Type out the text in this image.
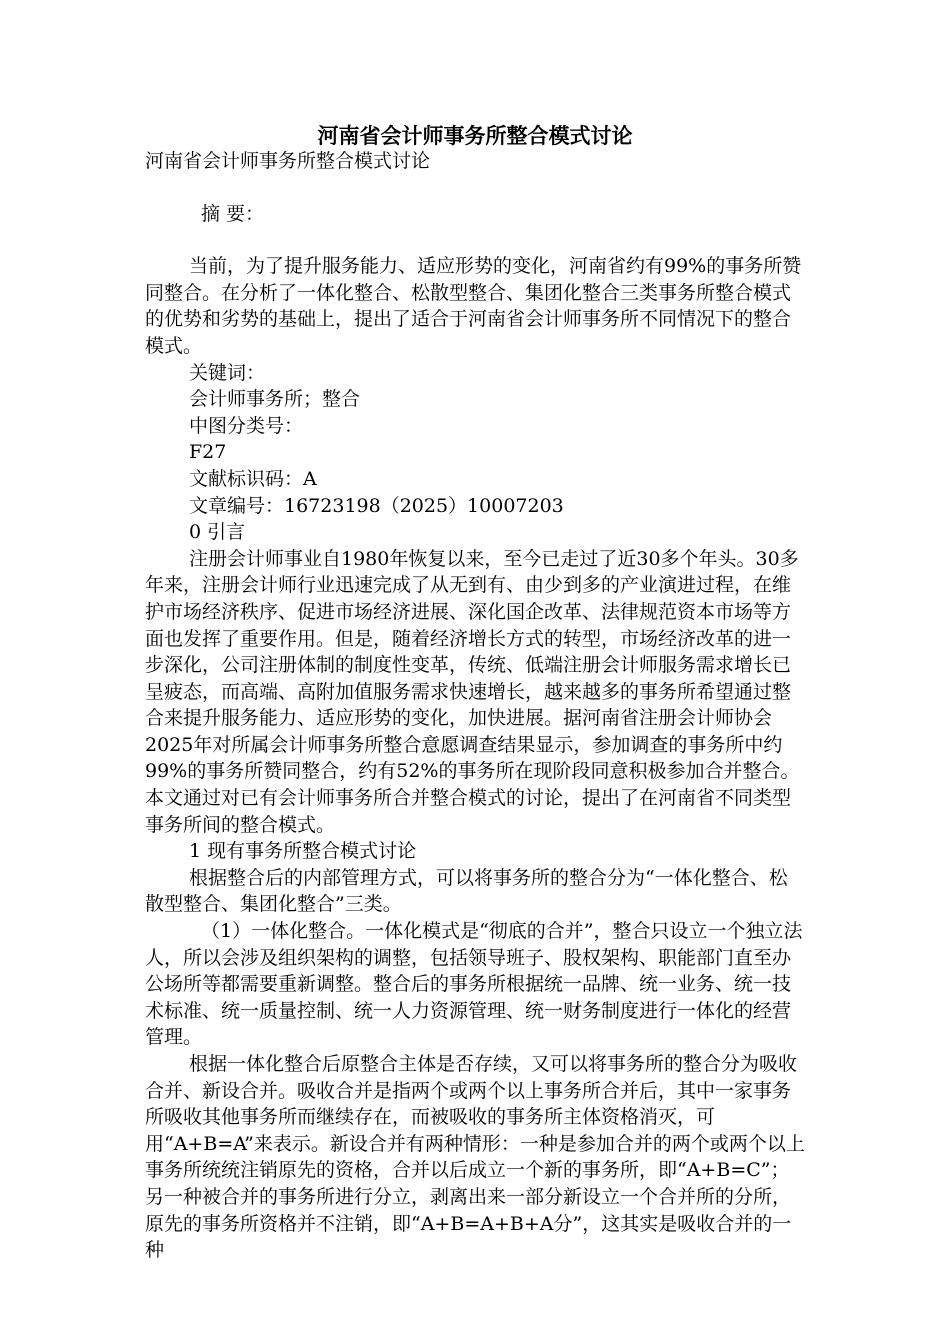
河南省会计师事务所整合模式讨论

河南省会计师事务所整合模式讨论

摘 要：

当前，为了提升服务能力、适应形势的变化，河南省约有99%的事务所赞同整合。在分析了一体化整合、松散型整合、集团化整合三类事务所整合模式的优势和劣势的基础上，提出了适合于河南省会计师事务所不同情况下的整合模式。

关键词：

会计师事务所；整合

中图分类号：

F27

文献标识码：A

文章编号：16723198（2025）10007203

0 引言

注册会计师事业自1980年恢复以来，至今已走过了近30多个年头。30多年来，注册会计师行业迅速完成了从无到有、由少到多的产业演进过程，在维护市场经济秩序、促进市场经济进展、深化国企改革、法律规范资本市场等方面也发挥了重要作用。但是，随着经济增长方式的转型，市场经济改革的进一步深化，公司注册体制的制度性变革，传统、低端注册会计师服务需求增长已呈疲态，而高端、高附加值服务需求快速增长，越来越多的事务所希望通过整合来提升服务能力、适应形势的变化，加快进展。据河南省注册会计师协会2025年对所属会计师事务所整合意愿调查结果显示，参加调查的事务所中约99%的事务所赞同整合，约有52%的事务所在现阶段同意积极参加合并整合。本文通过对已有会计师事务所合并整合模式的讨论，提出了在河南省不同类型事务所间的整合模式。

1 现有事务所整合模式讨论

根据整合后的内部管理方式，可以将事务所的整合分为“一体化整合、松散型整合、集团化整合”三类。

（1）一体化整合。一体化模式是“彻底的合并”，整合只设立一个独立法人，所以会涉及组织架构的调整，包括领导班子、股权架构、职能部门直至办公场所等都需要重新调整。整合后的事务所根据统一品牌、统一业务、统一技术标准、统一质量控制、统一人力资源管理、统一财务制度进行一体化的经营管理。

根据一体化整合后原整合主体是否存续，又可以将事务所的整合分为吸收合并、新设合并。吸收合并是指两个或两个以上事务所合并后，其中一家事务所吸收其他事务所而继续存在，而被吸收的事务所主体资格消灭，可用“A+B=A”来表示。新设合并有两种情形：一种是参加合并的两个或两个以上事务所统统注销原先的资格，合并以后成立一个新的事务所，即“A+B=C”；另一种被合并的事务所进行分立，剥离出来一部分新设立一个合并所的分所，原先的事务所资格并不注销，即“A+B=A+B+A分”，这其实是吸收合并的一种
